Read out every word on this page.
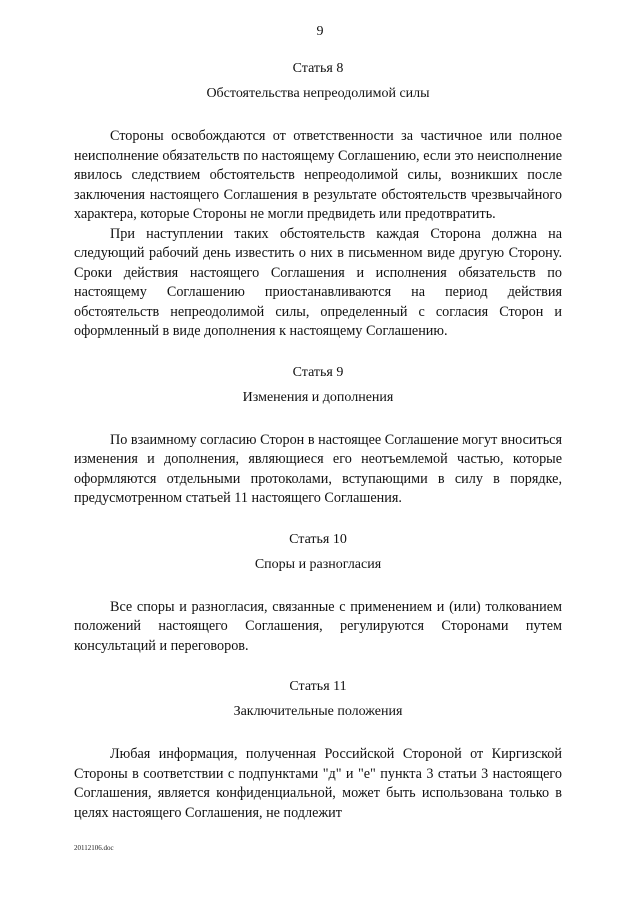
9
Статья 8
Обстоятельства непреодолимой силы

Стороны освобождаются от ответственности за частичное или полное неисполнение обязательств по настоящему Соглашению, если это неисполнение явилось следствием обстоятельств непреодолимой силы, возникших после заключения настоящего Соглашения в результате обстоятельств чрезвычайного характера, которые Стороны не могли предвидеть или предотвратить.

При наступлении таких обстоятельств каждая Сторона должна на следующий рабочий день известить о них в письменном виде другую Сторону. Сроки действия настоящего Соглашения и исполнения обязательств по настоящему Соглашению приостанавливаются на период действия обстоятельств непреодолимой силы, определенный с согласия Сторон и оформленный в виде дополнения к настоящему Соглашению.

Статья 9
Изменения и дополнения

По взаимному согласию Сторон в настоящее Соглашение могут вноситься изменения и дополнения, являющиеся его неотъемлемой частью, которые оформляются отдельными протоколами, вступающими в силу в порядке, предусмотренном статьей 11 настоящего Соглашения.

Статья 10
Споры и разногласия

Все споры и разногласия, связанные с применением и (или) толкованием положений настоящего Соглашения, регулируются Сторонами путем консультаций и переговоров.

Статья 11
Заключительные положения

Любая информация, полученная Российской Стороной от Киргизской Стороны в соответствии с подпунктами "д" и "е" пункта 3 статьи 3 настоящего Соглашения, является конфиденциальной, может быть использована только в целях настоящего Соглашения, не подлежит

20112106.doc
